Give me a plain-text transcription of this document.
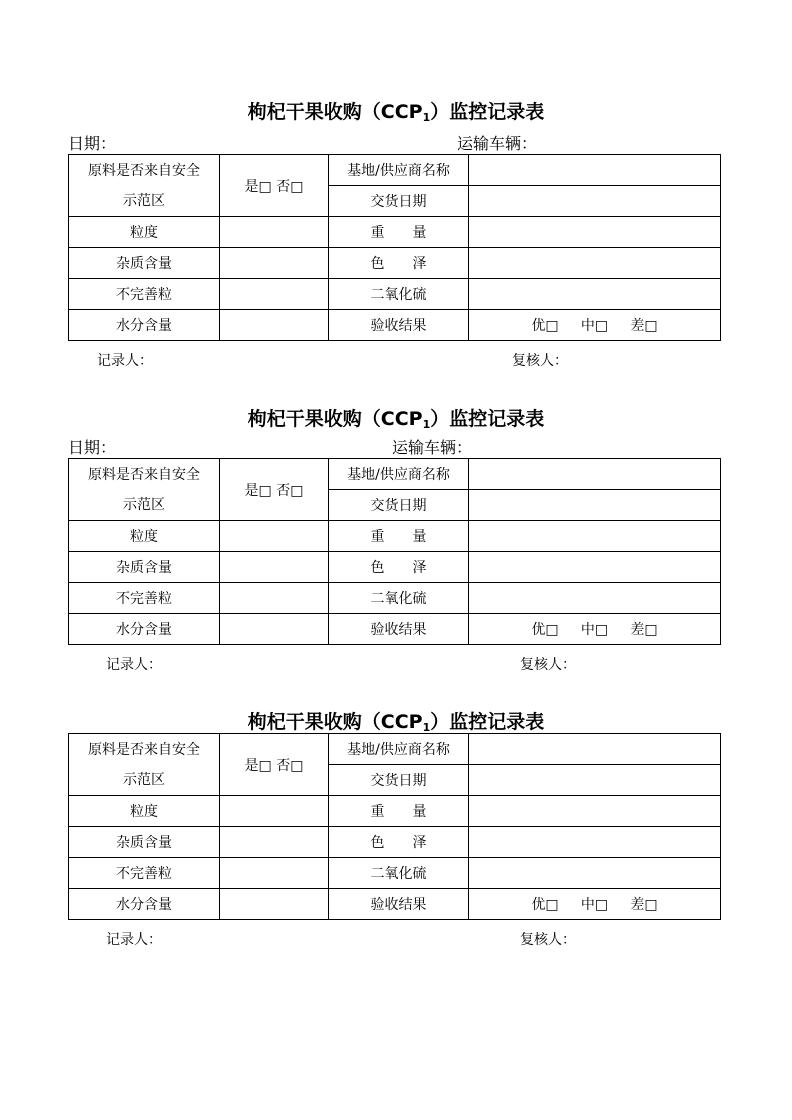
枸杞干果收购$(CCP_1)$监控记录表
日期：	运输车辆：
原料是否来自安全
示范区	是□ 否□	基地/供应商名称	
		交货日期	
粒度		重　　量	
杂质含量		色　　泽	
不完善粒		二氧化硫	
水分含量		验收结果	优□ 中□ 差□
记录人：	复核人：
枸杞干果收购$(CCP_1)$监控记录表
日期：	运输车辆：
原料是否来自安全
示范区	是□ 否□	基地/供应商名称	
		交货日期	
粒度		重　　量	
杂质含量		色　　泽	
不完善粒		二氧化硫	
水分含量		验收结果	优□ 中□ 差□
记录人：	复核人：
枸杞干果收购$(CCP_1)$监控记录表
原料是否来自安全
示范区	是□ 否□	基地/供应商名称	
		交货日期	
粒度		重　　量	
杂质含量		色　　泽	
不完善粒		二氧化硫	
水分含量		验收结果	优□ 中□ 差□
记录人：	复核人：
